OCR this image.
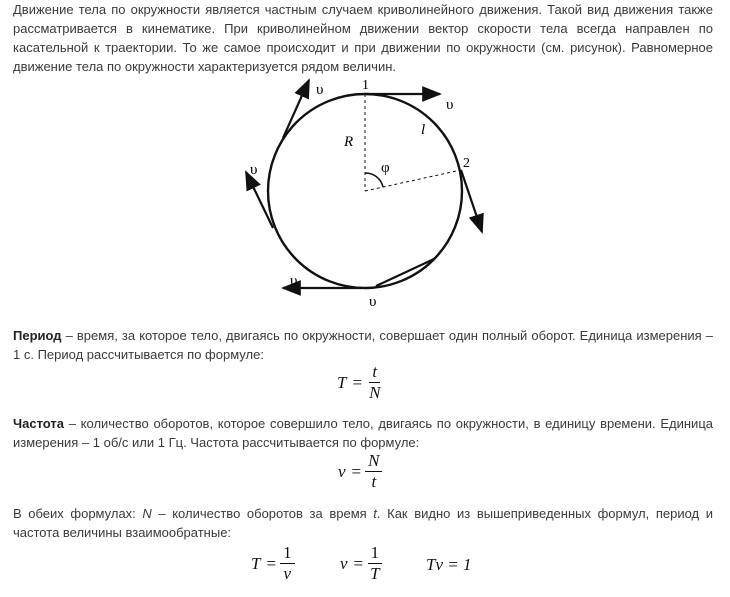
Движение тела по окружности является частным случаем криволинейного движения. Такой вид движения также рассматривается в кинематике. При криволинейном движении вектор скорости тела всегда направлен по касательной к траектории. То же самое происходит и при движении по окружности (см. рисунок). Равномерное движение тела по окружности характеризуется рядом величин.

1
2
R
l
φ
υ
υ
υ
υ
υ
υ

Период – время, за которое тело, двигаясь по окружности, совершает один полный оборот. Единица измерения – 1 с. Период рассчитывается по формуле:

$T = \frac{t}{N}$

Частота – количество оборотов, которое совершило тело, двигаясь по окружности, в единицу времени. Единица измерения – 1 об/с или 1 Гц. Частота рассчитывается по формуле:

$\nu = \frac{N}{t}$

В обеих формулах: N – количество оборотов за время t. Как видно из вышеприведенных формул, период и частота величины взаимообратные:

$T = \frac{1}{\nu}$	$\nu = \frac{1}{T}$	Tν = 1
